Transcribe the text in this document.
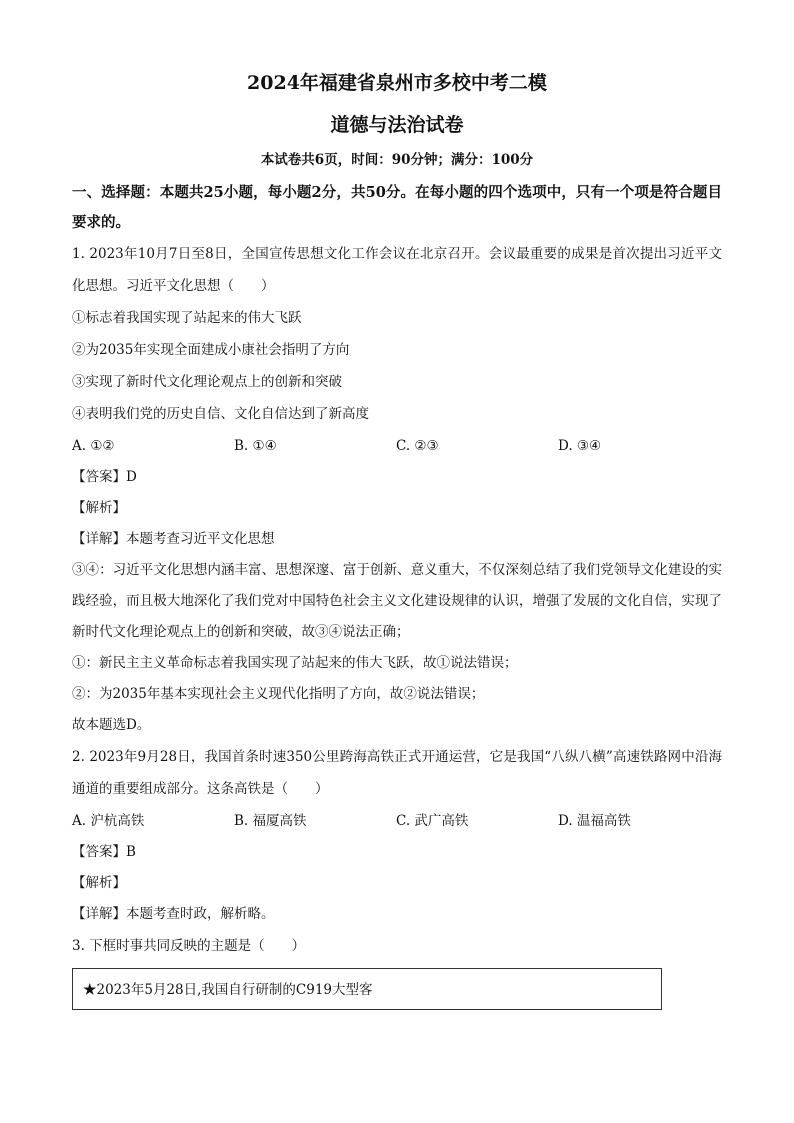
2024年福建省泉州市多校中考二模
道德与法治试卷
本试卷共6页，时间：90分钟；满分：100分
一、选择题：本题共25小题，每小题2分，共50分。在每小题的四个选项中，只有一个项是符合题目要求的。

1. 2023年10月7日至8日，全国宣传思想文化工作会议在北京召开。会议最重要的成果是首次提出习近平文化思想。习近平文化思想（　　）

①标志着我国实现了站起来的伟大飞跃

②为2035年实现全面建成小康社会指明了方向

③实现了新时代文化理论观点上的创新和突破

④表明我们党的历史自信、文化自信达到了新高度

A. ①②	B. ①④	C. ②③	D. ③④
【答案】D
【解析】
【详解】本题考查习近平文化思想

③④：习近平文化思想内涵丰富、思想深邃、富于创新、意义重大，不仅深刻总结了我们党领导文化建设的实践经验，而且极大地深化了我们党对中国特色社会主义文化建设规律的认识，增强了发展的文化自信，实现了新时代文化理论观点上的创新和突破，故③④说法正确；

①：新民主主义革命标志着我国实现了站起来的伟大飞跃，故①说法错误；

②：为2035年基本实现社会主义现代化指明了方向，故②说法错误；

故本题选D。

2. 2023年9月28日，我国首条时速350公里跨海高铁正式开通运营，它是我国“八纵八横”高速铁路网中沿海通道的重要组成部分。这条高铁是（　　）

A. 沪杭高铁	B. 福厦高铁	C. 武广高铁	D. 温福高铁
【答案】B
【解析】
【详解】本题考查时政，解析略。

3. 下框时事共同反映的主题是（　　）

★2023年5月28日,我国自行研制的C919大型客
